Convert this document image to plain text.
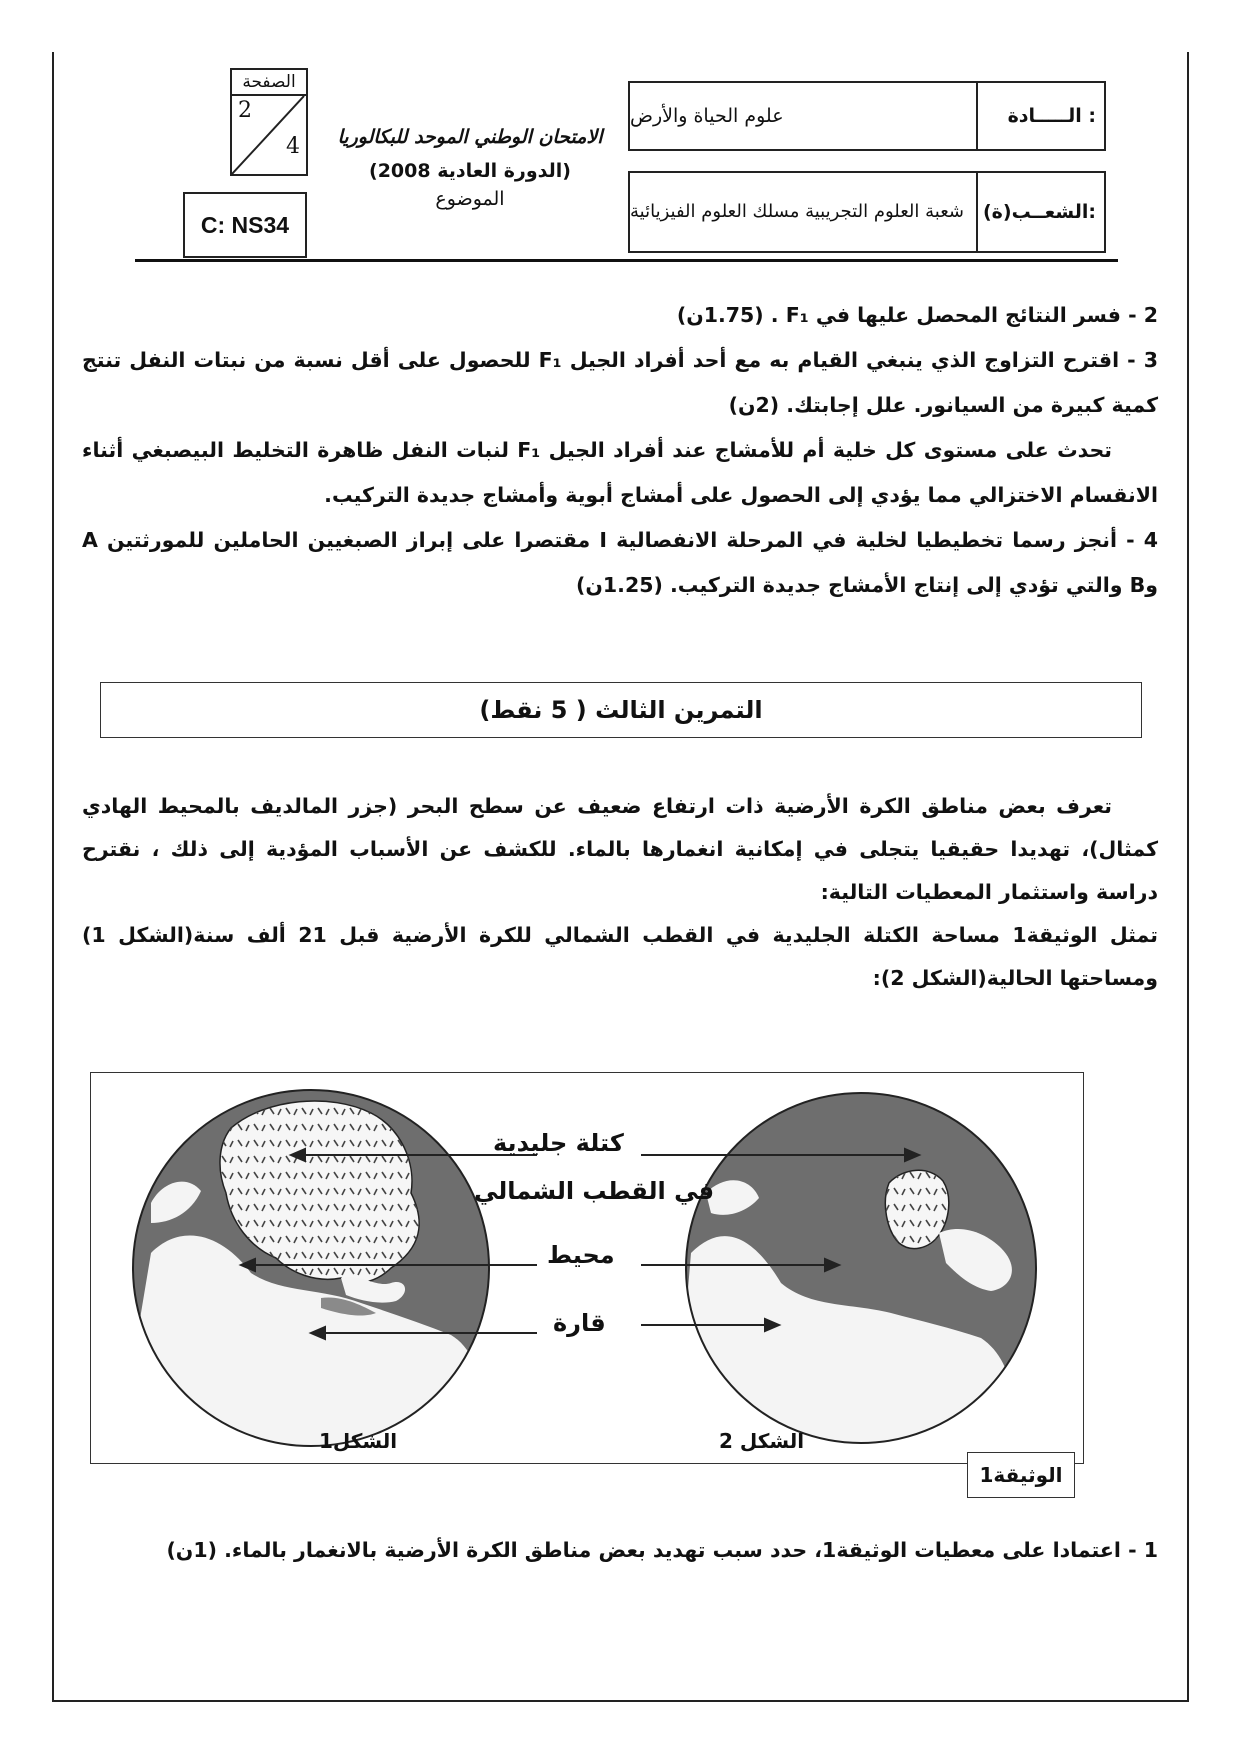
الـــــادة :
علوم الحياة والأرض
الشعــب(ة):
شعبة العلوم التجريبية مسلك العلوم الفيزيائية
الامتحان الوطني الموحد للبكالوريا
(الدورة العادية 2008)
الموضوع
الصفحة
2
4
C: NS34
2 - فسر النتائج المحصل عليها في F₁ . (1.75ن)
3 - اقترح التزاوج الذي ينبغي القيام به مع أحد أفراد الجيل F₁ للحصول على أقل نسبة من نبتات النفل تنتج كمية كبيرة من السيانور. علل إجابتك. (2ن)
تحدث على مستوى كل خلية أم للأمشاج عند أفراد الجيل F₁ لنبات النفل ظاهرة التخليط البيصبغي أثناء الانقسام الاختزالي مما يؤدي إلى الحصول على أمشاج أبوية وأمشاج جديدة التركيب.
4 - أنجز رسما تخطيطيا لخلية في المرحلة الانفصالية I مقتصرا على إبراز الصبغيين الحاملين للمورثتين A وB والتي تؤدي إلى إنتاج الأمشاج جديدة التركيب. (1.25ن)
التمرين الثالث ( 5 نقط)
تعرف بعض مناطق الكرة الأرضية ذات ارتفاع ضعيف عن سطح البحر (جزر المالديف بالمحيط الهادي كمثال)، تهديدا حقيقيا يتجلى في إمكانية انغمارها بالماء. للكشف عن الأسباب المؤدية إلى ذلك ، نقترح دراسة واستثمار المعطيات التالية:
تمثل الوثيقة1 مساحة الكتلة الجليدية في القطب الشمالي للكرة الأرضية قبل 21 ألف سنة(الشكل 1) ومساحتها الحالية(الشكل 2):
كتلة جليدية
في القطب الشمالي
محيط
قارة
الشكل1	الشكل 2
الوثيقة1
1 - اعتمادا على معطيات الوثيقة1، حدد سبب تهديد بعض مناطق الكرة الأرضية بالانغمار بالماء. (1ن)
